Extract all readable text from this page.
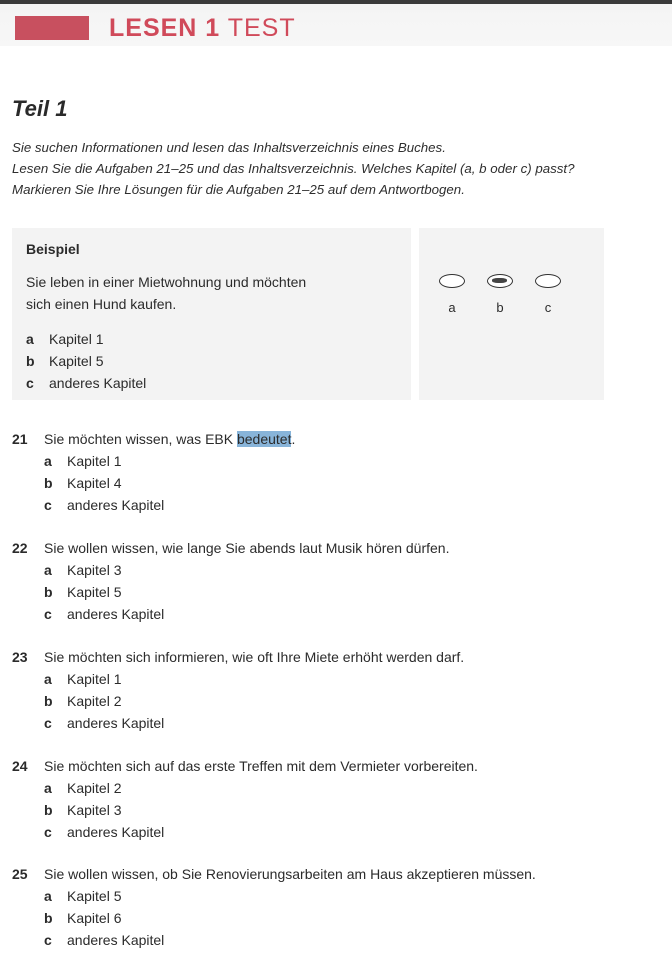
LESEN 1 TEST
Teil 1
Sie suchen Informationen und lesen das Inhaltsverzeichnis eines Buches.
Lesen Sie die Aufgaben 21–25 und das Inhaltsverzeichnis. Welches Kapitel (a, b oder c) passt?
Markieren Sie Ihre Lösungen für die Aufgaben 21–25 auf dem Antwortbogen.
Beispiel
Sie leben in einer Mietwohnung und möchten
sich einen Hund kaufen.
a Kapitel 1
b Kapitel 5
c anderes Kapitel
a	b	c
21 Sie möchten wissen, was EBK bedeutet.
a Kapitel 1
b Kapitel 4
c anderes Kapitel
22 Sie wollen wissen, wie lange Sie abends laut Musik hören dürfen.
a Kapitel 3
b Kapitel 5
c anderes Kapitel
23 Sie möchten sich informieren, wie oft Ihre Miete erhöht werden darf.
a Kapitel 1
b Kapitel 2
c anderes Kapitel
24 Sie möchten sich auf das erste Treffen mit dem Vermieter vorbereiten.
a Kapitel 2
b Kapitel 3
c anderes Kapitel
25 Sie wollen wissen, ob Sie Renovierungsarbeiten am Haus akzeptieren müssen.
a Kapitel 5
b Kapitel 6
c anderes Kapitel
